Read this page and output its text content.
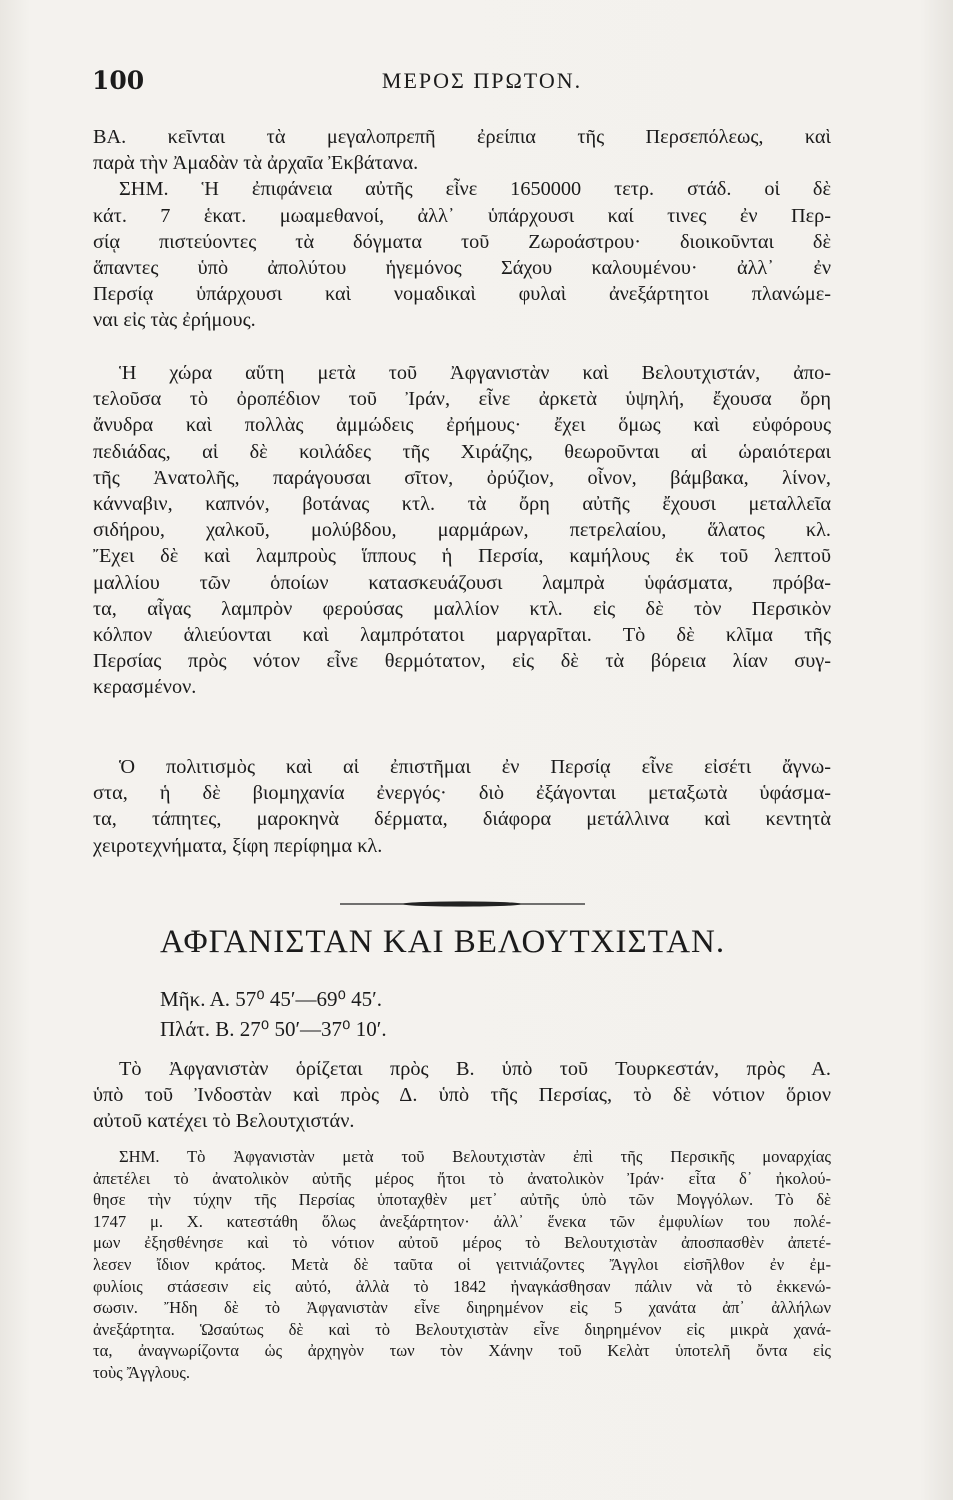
100	ΜΕΡΟΣ ΠΡΩΤΟΝ.
ΒΑ. κεῖνται τὰ μεγαλοπρεπῆ ἐρείπια τῆς Περσεπόλεως, καὶ
παρὰ τὴν Ἀμαδὰν τὰ ἀρχαῖα Ἐκβάτανα.
ΣΗΜ. Ἡ ἐπιφάνεια αὐτῆς εἶνε 1650000 τετρ. στάδ. οἱ δὲ
κάτ. 7 ἑκατ. μωαμεθανοί, ἀλλ᾿ ὑπάρχουσι καί τινες ἐν Περ-
σίᾳ πιστεύοντες τὰ δόγματα τοῦ Ζωροάστρου· διοικοῦνται δὲ
ἅπαντες ὑπὸ ἀπολύτου ἡγεμόνος Σάχου καλουμένου· ἀλλ᾿ ἐν
Περσίᾳ ὑπάρχουσι καὶ νομαδικαὶ φυλαὶ ἀνεξάρτητοι πλανώμε-
ναι εἰς τὰς ἐρήμους.
Ἡ χώρα αὕτη μετὰ τοῦ Ἀφγανιστὰν καὶ Βελουτχιστάν, ἀπο-
τελοῦσα τὸ ὀροπέδιον τοῦ Ἰράν, εἶνε ἀρκετὰ ὑψηλή, ἔχουσα ὄρη
ἄνυδρα καὶ πολλὰς ἀμμώδεις ἐρήμους· ἔχει ὅμως καὶ εὐφόρους
πεδιάδας, αἱ δὲ κοιλάδες τῆς Χιράζης, θεωροῦνται αἱ ὡραιότεραι
τῆς Ἀνατολῆς, παράγουσαι σῖτον, ὀρύζιον, οἶνον, βάμβακα, λίνον,
κάνναβιν, καπνόν, βοτάνας κτλ. τὰ ὄρη αὐτῆς ἔχουσι μεταλλεῖα
σιδήρου, χαλκοῦ, μολύβδου, μαρμάρων, πετρελαίου, ἅλατος κλ.
Ἔχει δὲ καὶ λαμπροὺς ἵππους ἡ Περσία, καμήλους ἐκ τοῦ λεπτοῦ
μαλλίου τῶν ὁποίων κατασκευάζουσι λαμπρὰ ὑφάσματα, πρόβα-
τα, αἶγας λαμπρὸν φερούσας μαλλίον κτλ. εἰς δὲ τὸν Περσικὸν
κόλπον ἁλιεύονται καὶ λαμπρότατοι μαργαρῖται. Τὸ δὲ κλῖμα τῆς
Περσίας πρὸς νότον εἶνε θερμότατον, εἰς δὲ τὰ βόρεια λίαν συγ-
κερασμένον.
Ὁ πολιτισμὸς καὶ αἱ ἐπιστῆμαι ἐν Περσίᾳ εἶνε εἰσέτι ἄγνω-
στα, ἡ δὲ βιομηχανία ἐνεργός· διὸ ἐξάγονται μεταξωτὰ ὑφάσμα-
τα, τάπητες, μαροκηνὰ δέρματα, διάφορα μετάλλινα καὶ κεντητὰ
χειροτεχνήματα, ξίφη περίφημα κλ.
ΑΦΓΑΝΙΣΤΑΝ ΚΑΙ ΒΕΛΟΥΤΧΙΣΤΑΝ.
Μῆκ. Α. 57⁰ 45′—69⁰ 45′.
Πλάτ. Β. 27⁰ 50′—37⁰ 10′.
Τὸ Ἀφγανιστὰν ὁρίζεται πρὸς Β. ὑπὸ τοῦ Τουρκεστάν, πρὸς Α.
ὑπὸ τοῦ Ἰνδοστὰν καὶ πρὸς Δ. ὑπὸ τῆς Περσίας, τὸ δὲ νότιον ὅριον
αὐτοῦ κατέχει τὸ Βελουτχιστάν.
ΣΗΜ. Τὸ Ἀφγανιστὰν μετὰ τοῦ Βελουτχιστὰν ἐπὶ τῆς Περσικῆς μοναρχίας
ἀπετέλει τὸ ἀνατολικὸν αὐτῆς μέρος ἤτοι τὸ ἀνατολικὸν Ἰράν· εἶτα δ᾿ ἠκολού-
θησε τὴν τύχην τῆς Περσίας ὑποταχθὲν μετ᾿ αὐτῆς ὑπὸ τῶν Μογγόλων. Τὸ δὲ
1747 μ. Χ. κατεστάθη ὅλως ἀνεξάρτητον· ἀλλ᾿ ἕνεκα τῶν ἐμφυλίων του πολέ-
μων ἐξησθένησε καὶ τὸ νότιον αὐτοῦ μέρος τὸ Βελουτχιστὰν ἀποσπασθὲν ἀπετέ-
λεσεν ἴδιον κράτος. Μετὰ δὲ ταῦτα οἱ γειτνιάζοντες Ἄγγλοι εἰσῆλθον ἐν ἐμ-
φυλίοις στάσεσιν εἰς αὐτό, ἀλλὰ τὸ 1842 ἠναγκάσθησαν πάλιν νὰ τὸ ἐκκενώ-
σωσιν. Ἤδη δὲ τὸ Ἀφγανιστὰν εἶνε διηρημένον εἰς 5 χανάτα ἀπ᾿ ἀλλήλων
ἀνεξάρτητα. Ὡσαύτως δὲ καὶ τὸ Βελουτχιστὰν εἶνε διηρημένον εἰς μικρὰ χανά-
τα, ἀναγνωρίζοντα ὡς ἀρχηγὸν των τὸν Χάνην τοῦ Κελὰτ ὑποτελῆ ὄντα εἰς
τοὺς Ἄγγλους.
